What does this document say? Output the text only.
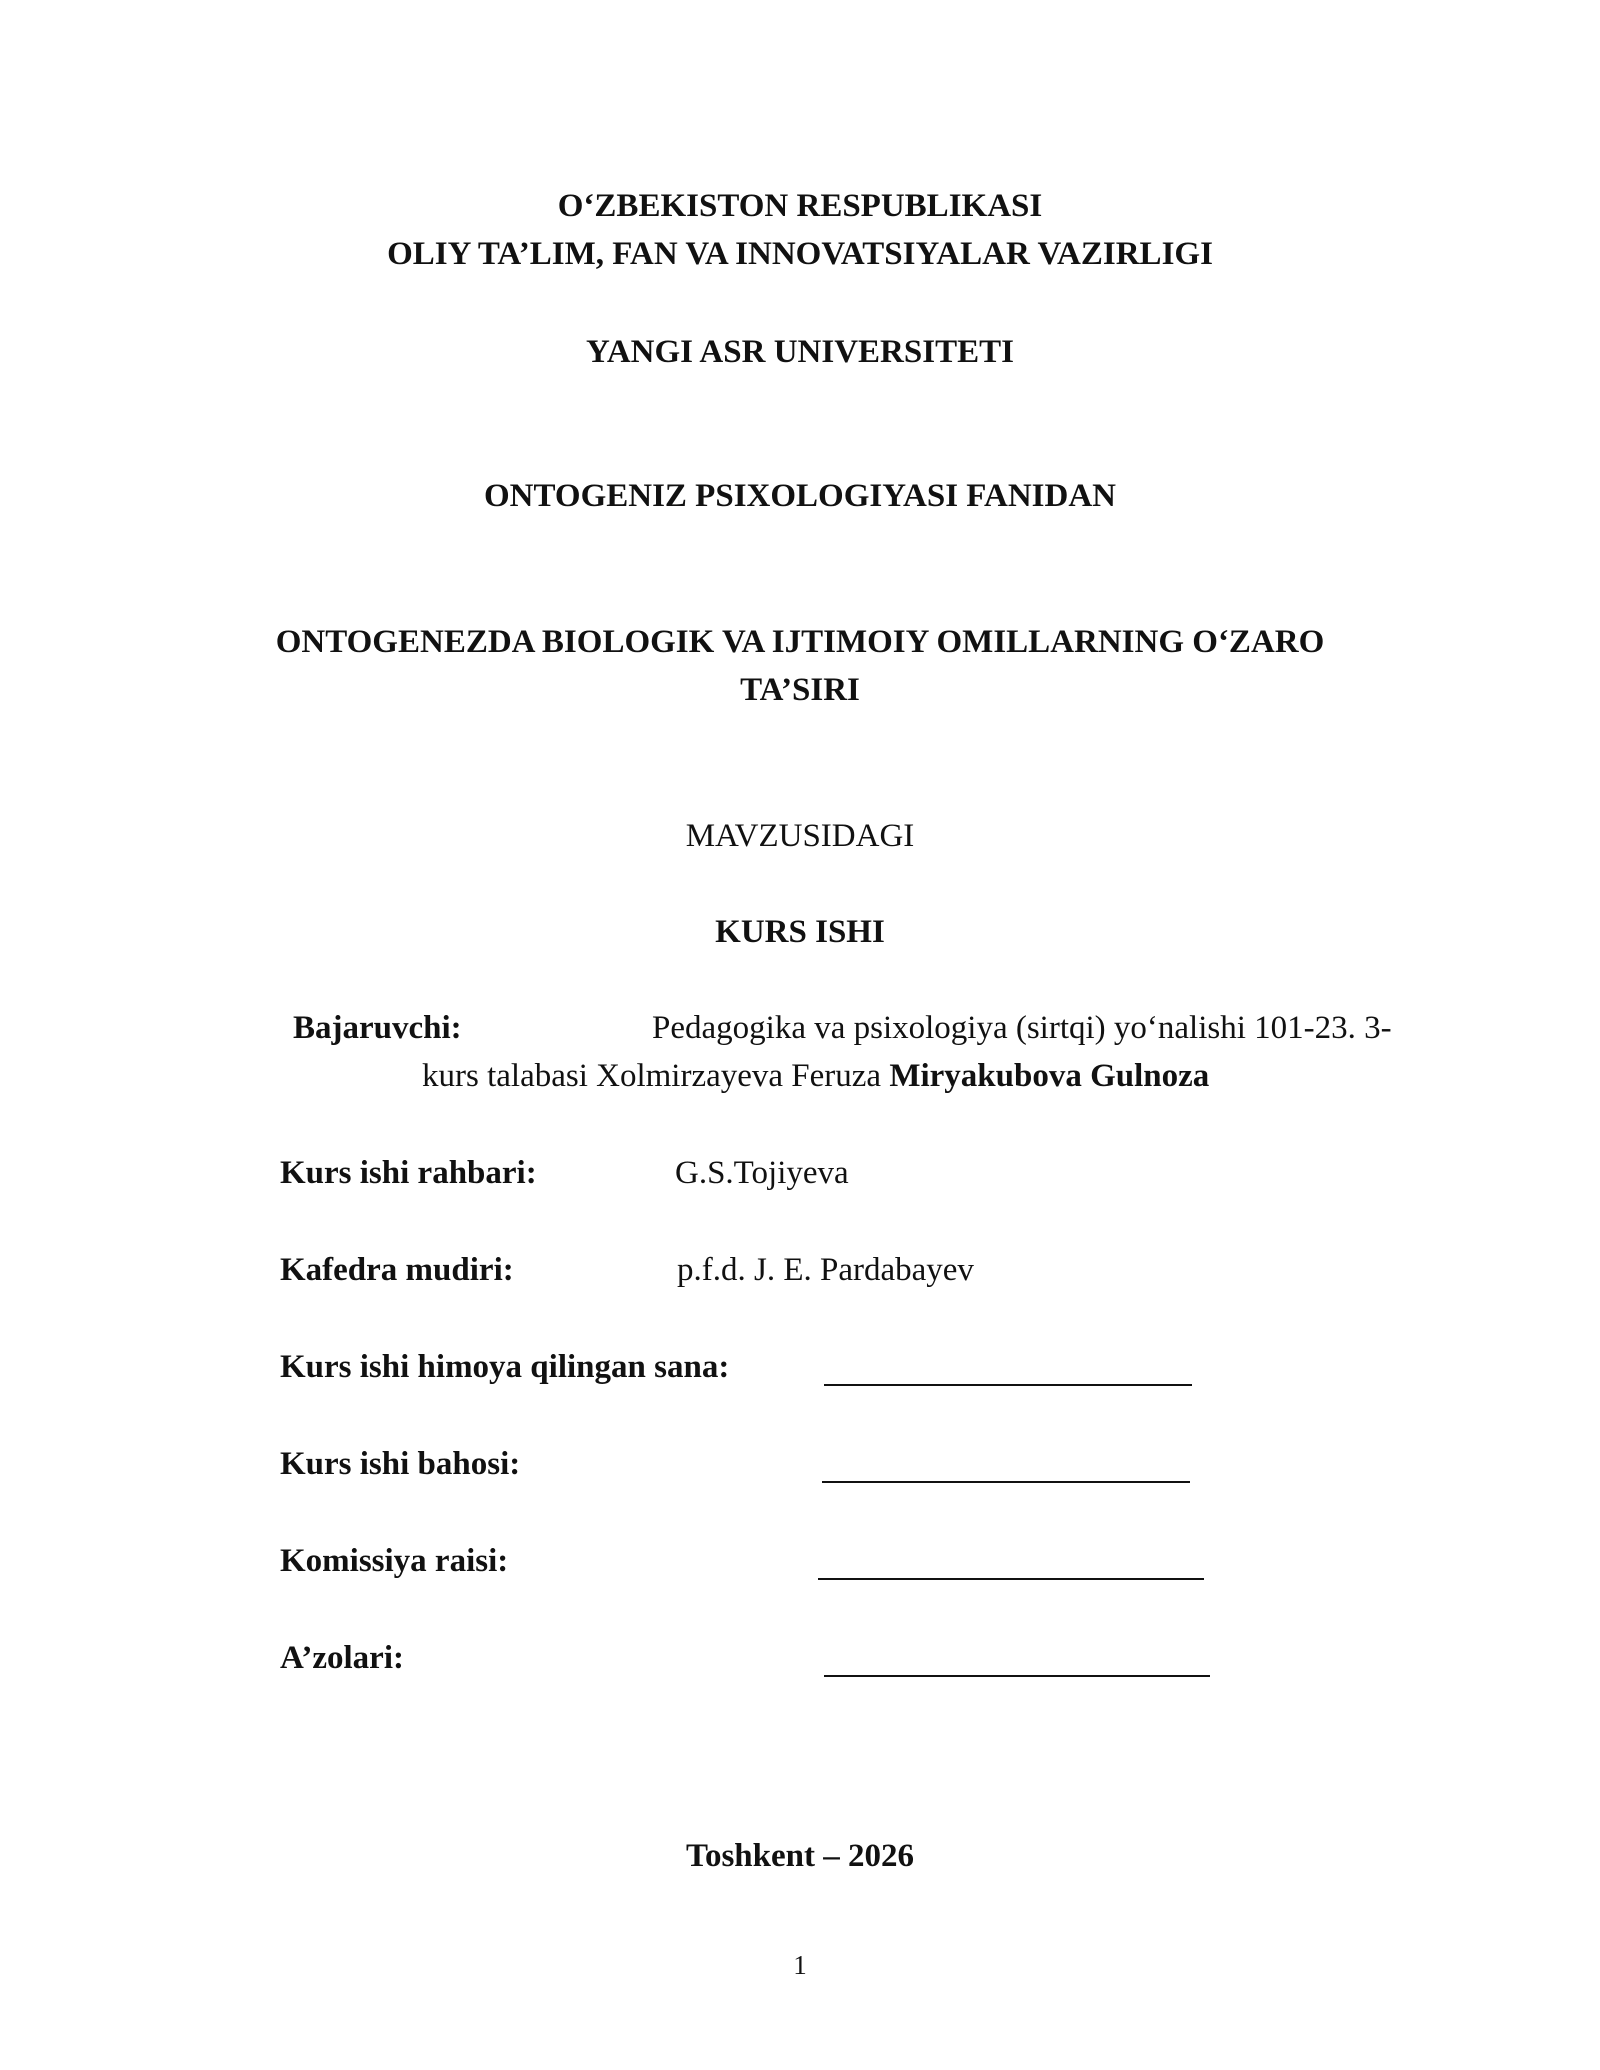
O‘ZBEKISTON RESPUBLIKASI
OLIY TA’LIM, FAN VA INNOVATSIYALAR VAZIRLIGI
YANGI ASR UNIVERSITETI
ONTOGENIZ PSIXOLOGIYASI FANIDAN
ONTOGENEZDA BIOLOGIK VA IJTIMOIY OMILLARNING O‘ZARO
TA’SIRI
MAVZUSIDAGI
KURS ISHI
Bajaruvchi:	Pedagogika va psixologiya (sirtqi) yo‘nalishi 101-23. 3-
kurs talabasi Xolmirzayeva Feruza Miryakubova Gulnoza
Kurs ishi rahbari:	G.S.Tojiyeva
Kafedra mudiri:	p.f.d. J. E. Pardabayev
Kurs ishi himoya qilingan sana:
Kurs ishi bahosi:
Komissiya raisi:
A’zolari:
Toshkent – 2026
1
